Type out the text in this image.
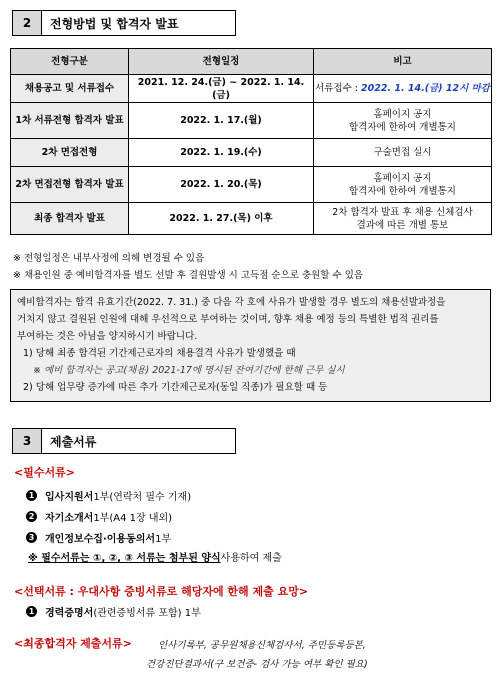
2	전형방법 및 합격자 발표
전형구분	전형일정	비고
채용공고 및 서류접수	2021. 12. 24.(금) ~ 2022. 1. 14.(금)	서류접수 : 2022. 1. 14.(금) 12시 마감
1차 서류전형 합격자 발표	2022. 1. 17.(월)	홈페이지 공지
합격자에 한하여 개별통지
2차 면접전형	2022. 1. 19.(수)	구술면접 실시
2차 면접전형 합격자 발표	2022. 1. 20.(목)	홈페이지 공지
합격자에 한하여 개별통지
최종 합격자 발표	2022. 1. 27.(목) 이후	2차 합격자 발표 후 채용 신체검사
결과에 따른 개별 통보
※ 전형일정은 내부사정에 의해 변경될 수 있음
※ 채용인원 중 예비합격자를 별도 선발 후 결원발생 시 고득점 순으로 충원할 수 있음
예비합격자는 합격 유효기간(2022. 7. 31.) 중 다음 각 호에 사유가 발생할 경우 별도의 채용선발과정을
거치지 않고 결원된 인원에 대해 우선적으로 부여하는 것이며, 향후 채용 예정 등의 특별한 법적 권리를
부여하는 것은 아님을 양지하시기 바랍니다.
1) 당해 최종 합격된 기간제근로자의 채용결격 사유가 발생했을 때
※ 예비 합격자는 공고(채용) 2021-17에 명시된 잔여기간에 한해 근무 실시
2) 당해 업무량 증가에 따른 추가 기간제근로자(동일 직종)가 필요할 때 등
3	제출서류
<필수서류>
1 입사지원서 1부(연락처 필수 기재)
2 자기소개서 1부(A4 1장 내외)
3 개인정보수집·이용동의서 1부
※ 필수서류는 ①, ②, ③ 서류는 첨부된 양식 사용하여 제출
<선택서류 : 우대사항 증빙서류로 해당자에 한해 제출 요망>
1 경력증명서 (관련증빙서류 포함) 1부
<최종합격자 제출서류>	인사기록부, 공무원채용신체검사서, 주민등록등본,
건강진단결과서(구 보건증- 검사 가능 여부 확인 필요)
